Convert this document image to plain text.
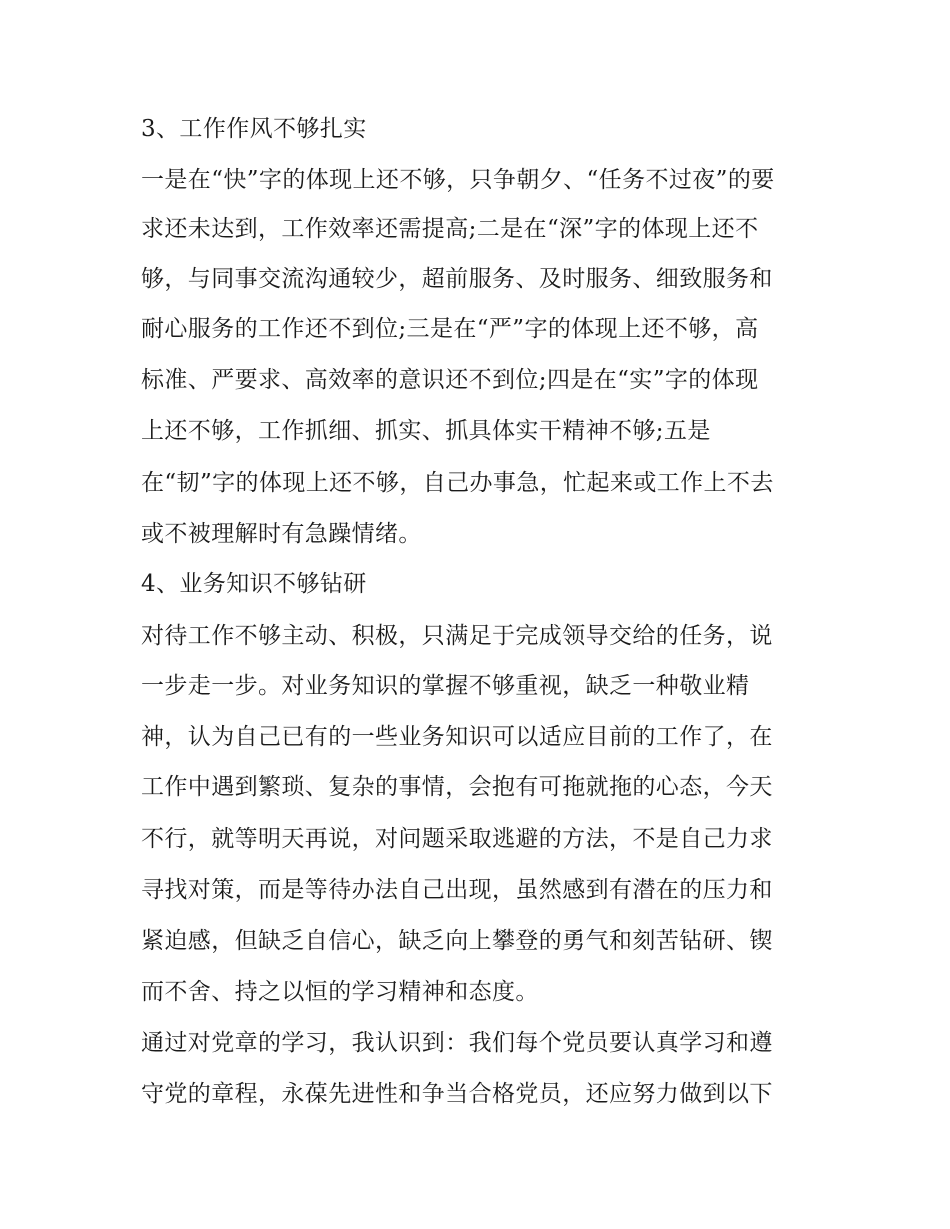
3、工作作风不够扎实
一是在“快”字的体现上还不够，只争朝夕、“任务不过夜”的要
求还未达到，工作效率还需提高;二是在“深”字的体现上还不
够，与同事交流沟通较少，超前服务、及时服务、细致服务和
耐心服务的工作还不到位;三是在“严”字的体现上还不够，高
标准、严要求、高效率的意识还不到位;四是在“实”字的体现
上还不够，工作抓细、抓实、抓具体实干精神不够;五是
在“韧”字的体现上还不够，自己办事急，忙起来或工作上不去
或不被理解时有急躁情绪。
4、业务知识不够钻研
对待工作不够主动、积极，只满足于完成领导交给的任务，说
一步走一步。对业务知识的掌握不够重视，缺乏一种敬业精
神，认为自己已有的一些业务知识可以适应目前的工作了，在
工作中遇到繁琐、复杂的事情，会抱有可拖就拖的心态，今天
不行，就等明天再说，对问题采取逃避的方法，不是自己力求
寻找对策，而是等待办法自己出现，虽然感到有潜在的压力和
紧迫感，但缺乏自信心，缺乏向上攀登的勇气和刻苦钻研、锲
而不舍、持之以恒的学习精神和态度。
通过对党章的学习，我认识到：我们每个党员要认真学习和遵
守党的章程，永葆先进性和争当合格党员，还应努力做到以下
